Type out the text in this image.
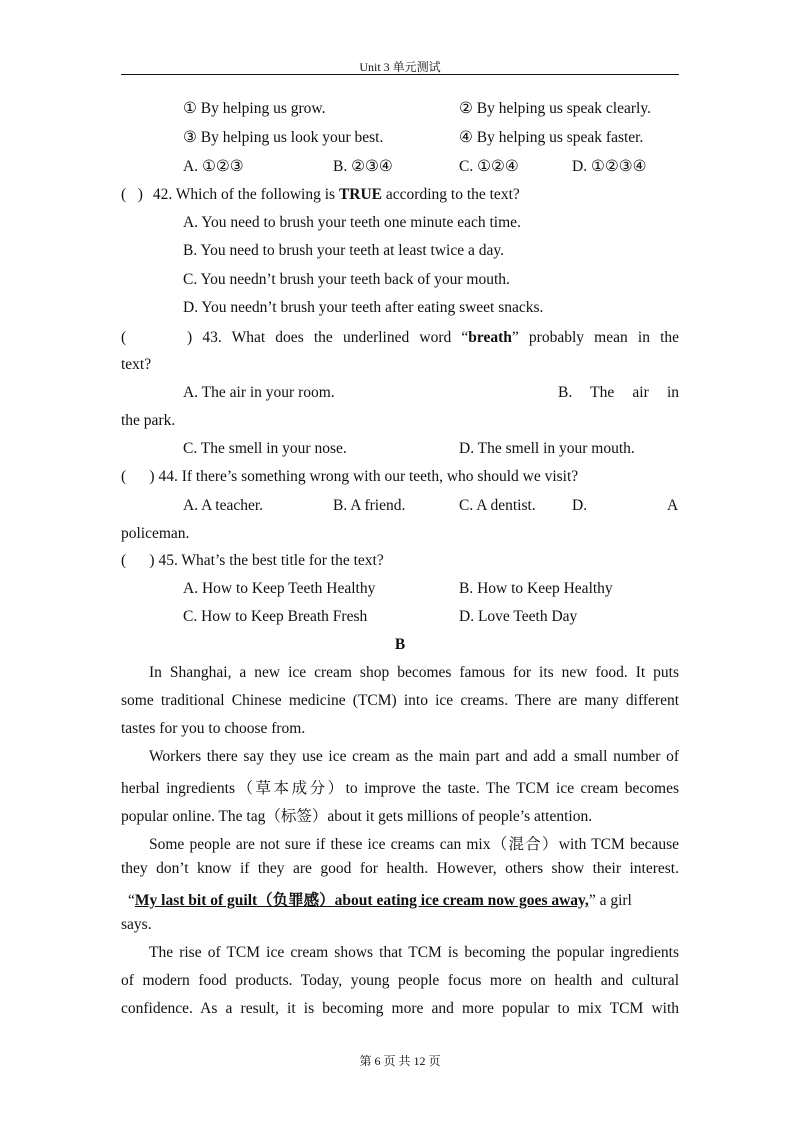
Unit 3 单元测试
① By helping us grow.	② By helping us speak clearly.
③ By helping us look your best.	④ By helping us speak faster.
A. ①②③	B. ②③④	C. ①②④	D. ①②③④
(   ) 42. Which of the following is TRUE according to the text?
A. You need to brush your teeth one minute each time.
B. You need to brush your teeth at least twice a day.
C. You needn’t brush your teeth back of your mouth.
D. You needn’t brush your teeth after eating sweet snacks.
(      ) 43. What does the underlined word “breath” probably mean in the
text?
A. The air in your room.	B. The air in
the park.
C. The smell in your nose.	D. The smell in your mouth.
(      ) 44. If there’s something wrong with our teeth, who should we visit?
A. A teacher.	B. A friend.	C. A dentist. D.	A
policeman.
(      ) 45. What’s the best title for the text?
A. How to Keep Teeth Healthy	B. How to Keep Healthy
C. How to Keep Breath Fresh	D. Love Teeth Day
B
In Shanghai, a new ice cream shop becomes famous for its new food. It puts
some traditional Chinese medicine (TCM) into ice creams. There are many different
tastes for you to choose from.
Workers there say they use ice cream as the main part and add a small number of
herbal ingredients（草本成分）to improve the taste. The TCM ice cream becomes
popular online. The tag（标签）about it gets millions of people’s attention.
Some people are not sure if these ice creams can mix（混合）with TCM because
they don’t know if they are good for health. However, others show their interest.
“My last bit of guilt（负罪感）about eating ice cream now goes away,” a girl
says.
The rise of TCM ice cream shows that TCM is becoming the popular ingredients
of modern food products. Today, young people focus more on health and cultural
confidence. As a result, it is becoming more and more popular to mix TCM with
第 6 页 共 12 页
